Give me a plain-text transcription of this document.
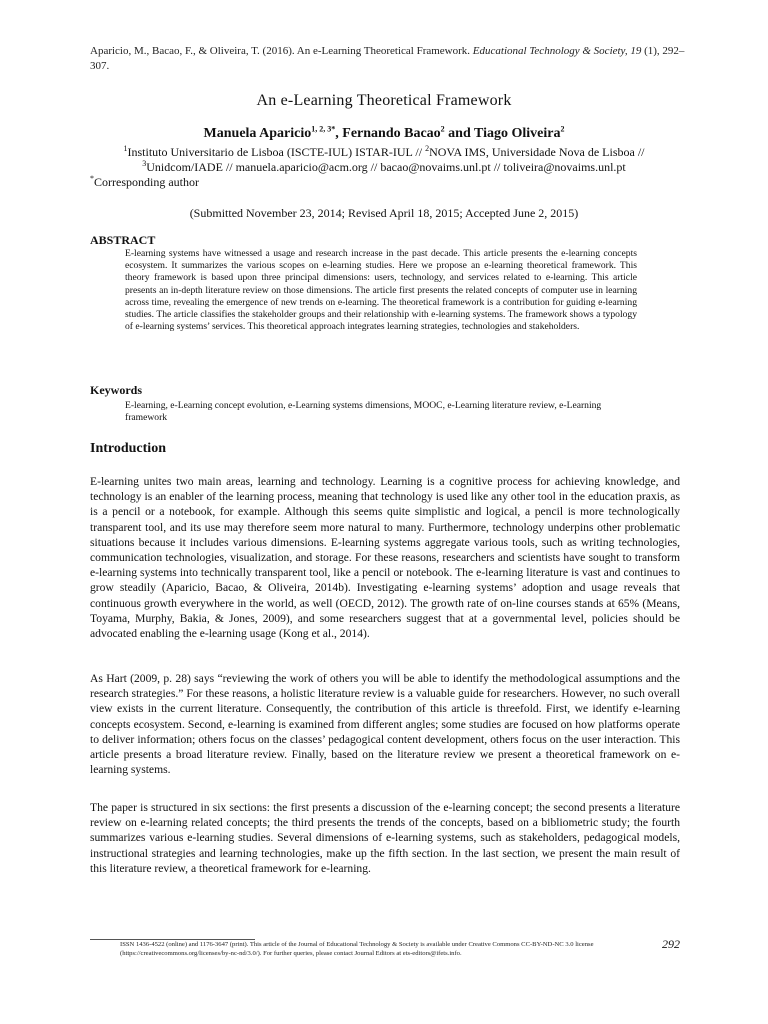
Aparicio, M., Bacao, F., & Oliveira, T. (2016). An e-Learning Theoretical Framework. Educational Technology & Society, 19 (1), 292–307.
An e-Learning Theoretical Framework
Manuela Aparicio$^{1, 2, 3*}$, Fernando Bacao$^2$ and Tiago Oliveira$^2$
$^1$Instituto Universitario de Lisboa (ISCTE-IUL) ISTAR-IUL // $^2$NOVA IMS, Universidade Nova de Lisboa //
$^3$Unidcom/IADE // manuela.aparicio@acm.org // bacao@novaims.unl.pt // toliveira@novaims.unl.pt
*Corresponding author
(Submitted November 23, 2014; Revised April 18, 2015; Accepted June 2, 2015)
ABSTRACT
E-learning systems have witnessed a usage and research increase in the past decade. This article presents the e-learning concepts ecosystem. It summarizes the various scopes on e-learning studies. Here we propose an e-learning theoretical framework. This theory framework is based upon three principal dimensions: users, technology, and services related to e-learning. This article presents an in-depth literature review on those dimensions. The article first presents the related concepts of computer use in learning across time, revealing the emergence of new trends on e-learning. The theoretical framework is a contribution for guiding e-learning studies. The article classifies the stakeholder groups and their relationship with e-learning systems. The framework shows a typology of e-learning systems’ services. This theoretical approach integrates learning strategies, technologies and stakeholders.
Keywords
E-learning, e-Learning concept evolution, e-Learning systems dimensions, MOOC, e-Learning literature review, e-Learning framework
Introduction
E-learning unites two main areas, learning and technology. Learning is a cognitive process for achieving knowledge, and technology is an enabler of the learning process, meaning that technology is used like any other tool in the education praxis, as is a pencil or a notebook, for example. Although this seems quite simplistic and logical, a pencil is more technologically transparent tool, and its use may therefore seem more natural to many. Furthermore, technology underpins other problematic situations because it includes various dimensions. E-learning systems aggregate various tools, such as writing technologies, communication technologies, visualization, and storage. For these reasons, researchers and scientists have sought to transform e-learning systems into technically transparent tool, like a pencil or notebook. The e-learning literature is vast and continues to grow steadily (Aparicio, Bacao, & Oliveira, 2014b). Investigating e-learning systems’ adoption and usage reveals that continuous growth everywhere in the world, as well (OECD, 2012). The growth rate of on-line courses stands at 65% (Means, Toyama, Murphy, Bakia, & Jones, 2009), and some researchers suggest that at a governmental level, policies should be advocated enabling the e-learning usage (Kong et al., 2014).
As Hart (2009, p. 28) says “reviewing the work of others you will be able to identify the methodological assumptions and the research strategies.” For these reasons, a holistic literature review is a valuable guide for researchers. However, no such overall view exists in the current literature. Consequently, the contribution of this article is threefold. First, we identify e-learning concepts ecosystem. Second, e-learning is examined from different angles; some studies are focused on how platforms operate to deliver information; others focus on the classes’ pedagogical content development, others focus on the user interaction. This article presents a broad literature review. Finally, based on the literature review we present a theoretical framework on e-learning systems.
The paper is structured in six sections: the first presents a discussion of the e-learning concept; the second presents a literature review on e-learning related concepts; the third presents the trends of the concepts, based on a bibliometric study; the fourth summarizes various e-learning studies. Several dimensions of e-learning systems, such as stakeholders, pedagogical models, instructional strategies and learning technologies, make up the fifth section. In the last section, we present the main result of this literature review, a theoretical framework for e-learning.
ISSN 1436-4522 (online) and 1176-3647 (print). This article of the Journal of Educational Technology & Society is available under Creative Commons CC-BY-ND-NC 3.0 license (https://creativecommons.org/licenses/by-nc-nd/3.0/). For further queries, please contact Journal Editors at ets-editors@ifets.info.
292
